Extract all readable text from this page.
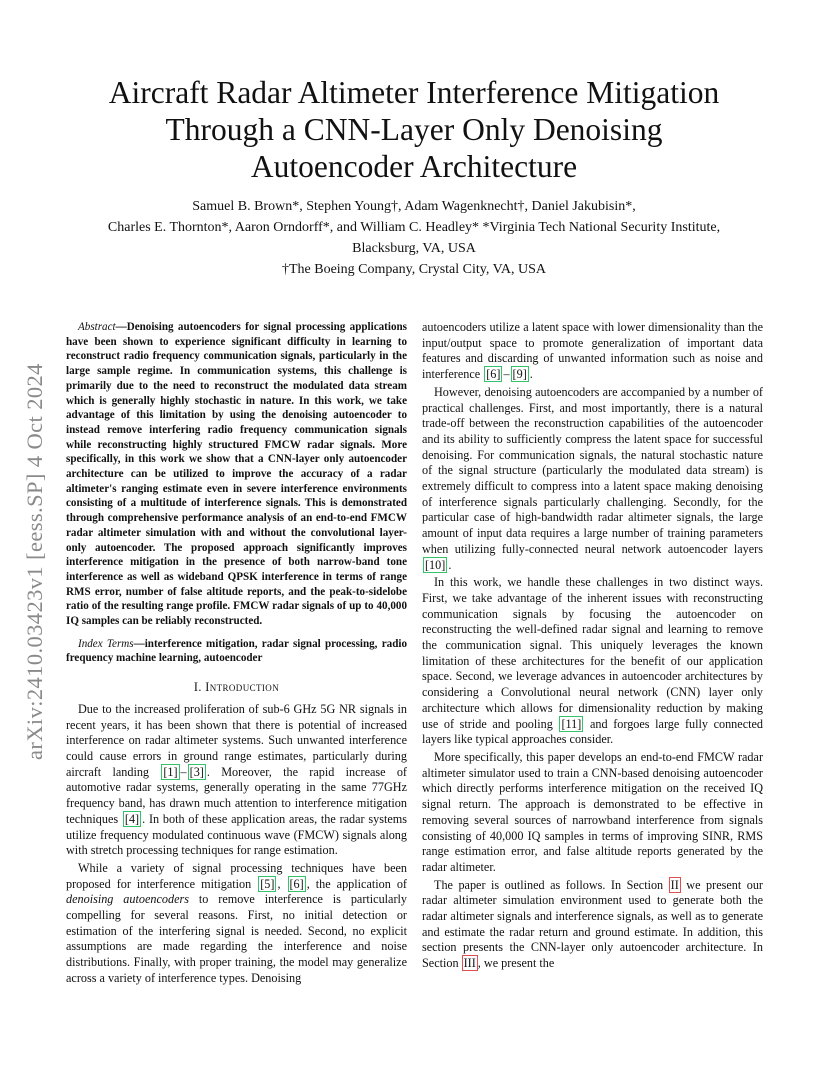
arXiv:2410.03423v1 [eess.SP] 4 Oct 2024
Aircraft Radar Altimeter Interference Mitigation
Through a CNN-Layer Only Denoising
Autoencoder Architecture
Samuel B. Brown*, Stephen Young†, Adam Wagenknecht†, Daniel Jakubisin*,
Charles E. Thornton*, Aaron Orndorff*, and William C. Headley* *Virginia Tech National Security Institute,
Blacksburg, VA, USA
†The Boeing Company, Crystal City, VA, USA

Abstract—Denoising autoencoders for signal processing applications have been shown to experience significant difficulty in learning to reconstruct radio frequency communication signals, particularly in the large sample regime. In communication systems, this challenge is primarily due to the need to reconstruct the modulated data stream which is generally highly stochastic in nature. In this work, we take advantage of this limitation by using the denoising autoencoder to instead remove interfering radio frequency communication signals while reconstructing highly structured FMCW radar signals. More specifically, in this work we show that a CNN-layer only autoencoder architecture can be utilized to improve the accuracy of a radar altimeter's ranging estimate even in severe interference environments consisting of a multitude of interference signals. This is demonstrated through comprehensive performance analysis of an end-to-end FMCW radar altimeter simulation with and without the convolutional layer-only autoencoder. The proposed approach significantly improves interference mitigation in the presence of both narrow-band tone interference as well as wideband QPSK interference in terms of range RMS error, number of false altitude reports, and the peak-to-sidelobe ratio of the resulting range profile. FMCW radar signals of up to 40,000 IQ samples can be reliably reconstructed.

Index Terms—interference mitigation, radar signal processing, radio frequency machine learning, autoencoder

I. Introduction

Due to the increased proliferation of sub-6 GHz 5G NR signals in recent years, it has been shown that there is potential of increased interference on radar altimeter systems. Such unwanted interference could cause errors in ground range estimates, particularly during aircraft landing [1] – [3] . Moreover, the rapid increase of automotive radar systems, generally operating in the same 77GHz frequency band, has drawn much attention to interference mitigation techniques [4] . In both of these application areas, the radar systems utilize frequency modulated continuous wave (FMCW) signals along with stretch processing techniques for range estimation.

While a variety of signal processing techniques have been proposed for interference mitigation [5] , [6] , the application of denoising autoencoders to remove interference is particularly compelling for several reasons. First, no initial detection or estimation of the interfering signal is needed. Second, no explicit assumptions are made regarding the interference and noise distributions. Finally, with proper training, the model may generalize across a variety of interference types. Denoising

autoencoders utilize a latent space with lower dimensionality than the input/output space to promote generalization of important data features and discarding of unwanted information such as noise and interference [6] – [9] .

However, denoising autoencoders are accompanied by a number of practical challenges. First, and most importantly, there is a natural trade-off between the reconstruction capabilities of the autoencoder and its ability to sufficiently compress the latent space for successful denoising. For communication signals, the natural stochastic nature of the signal structure (particularly the modulated data stream) is extremely difficult to compress into a latent space making denoising of interference signals particularly challenging. Secondly, for the particular case of high-bandwidth radar altimeter signals, the large amount of input data requires a large number of training parameters when utilizing fully-connected neural network autoencoder layers [10] .

In this work, we handle these challenges in two distinct ways. First, we take advantage of the inherent issues with reconstructing communication signals by focusing the autoencoder on reconstructing the well-defined radar signal and learning to remove the communication signal. This uniquely leverages the known limitation of these architectures for the benefit of our application space. Second, we leverage advances in autoencoder architectures by considering a Convolutional neural network (CNN) layer only architecture which allows for dimensionality reduction by making use of stride and pooling [11] and forgoes large fully connected layers like typical approaches consider.

More specifically, this paper develops an end-to-end FMCW radar altimeter simulator used to train a CNN-based denoising autoencoder which directly performs interference mitigation on the received IQ signal return. The approach is demonstrated to be effective in removing several sources of narrowband interference from signals consisting of 40,000 IQ samples in terms of improving SINR, RMS range estimation error, and false altitude reports generated by the radar altimeter.

The paper is outlined as follows. In Section II we present our radar altimeter simulation environment used to generate both the radar altimeter signals and interference signals, as well as to generate and estimate the radar return and ground estimate. In addition, this section presents the CNN-layer only autoencoder architecture. In Section III , we present the
